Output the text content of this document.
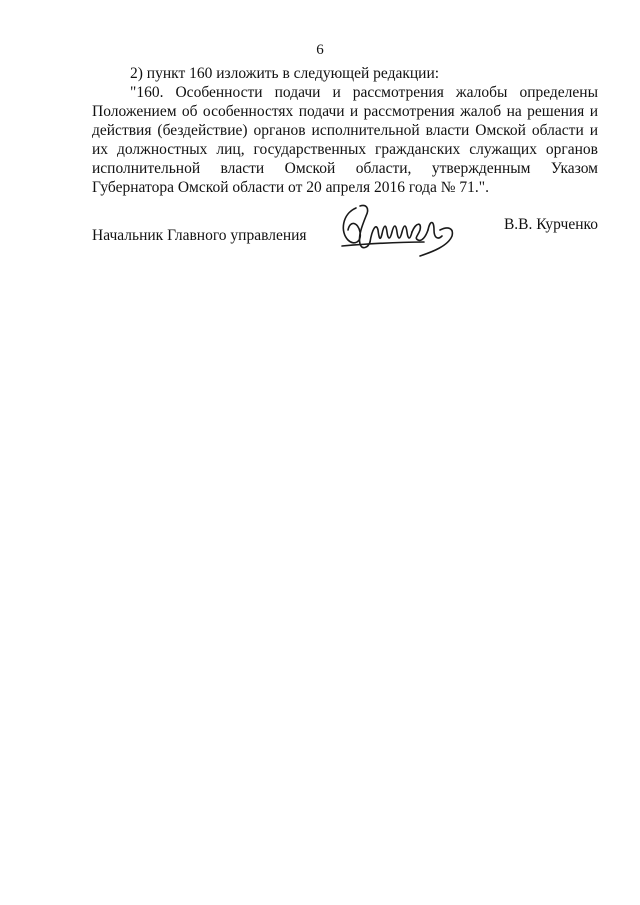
6

2) пункт 160 изложить в следующей редакции:

"160. Особенности подачи и рассмотрения жалобы определены Положением об особенностях подачи и рассмотрения жалоб на решения и действия (бездействие) органов исполнительной власти Омской области и их должностных лиц, государственных гражданских служащих органов исполнительной власти Омской области, утвержденным Указом Губернатора Омской области от 20 апреля 2016 года № 71.".

Начальник Главного управления
В.В. Курченко
